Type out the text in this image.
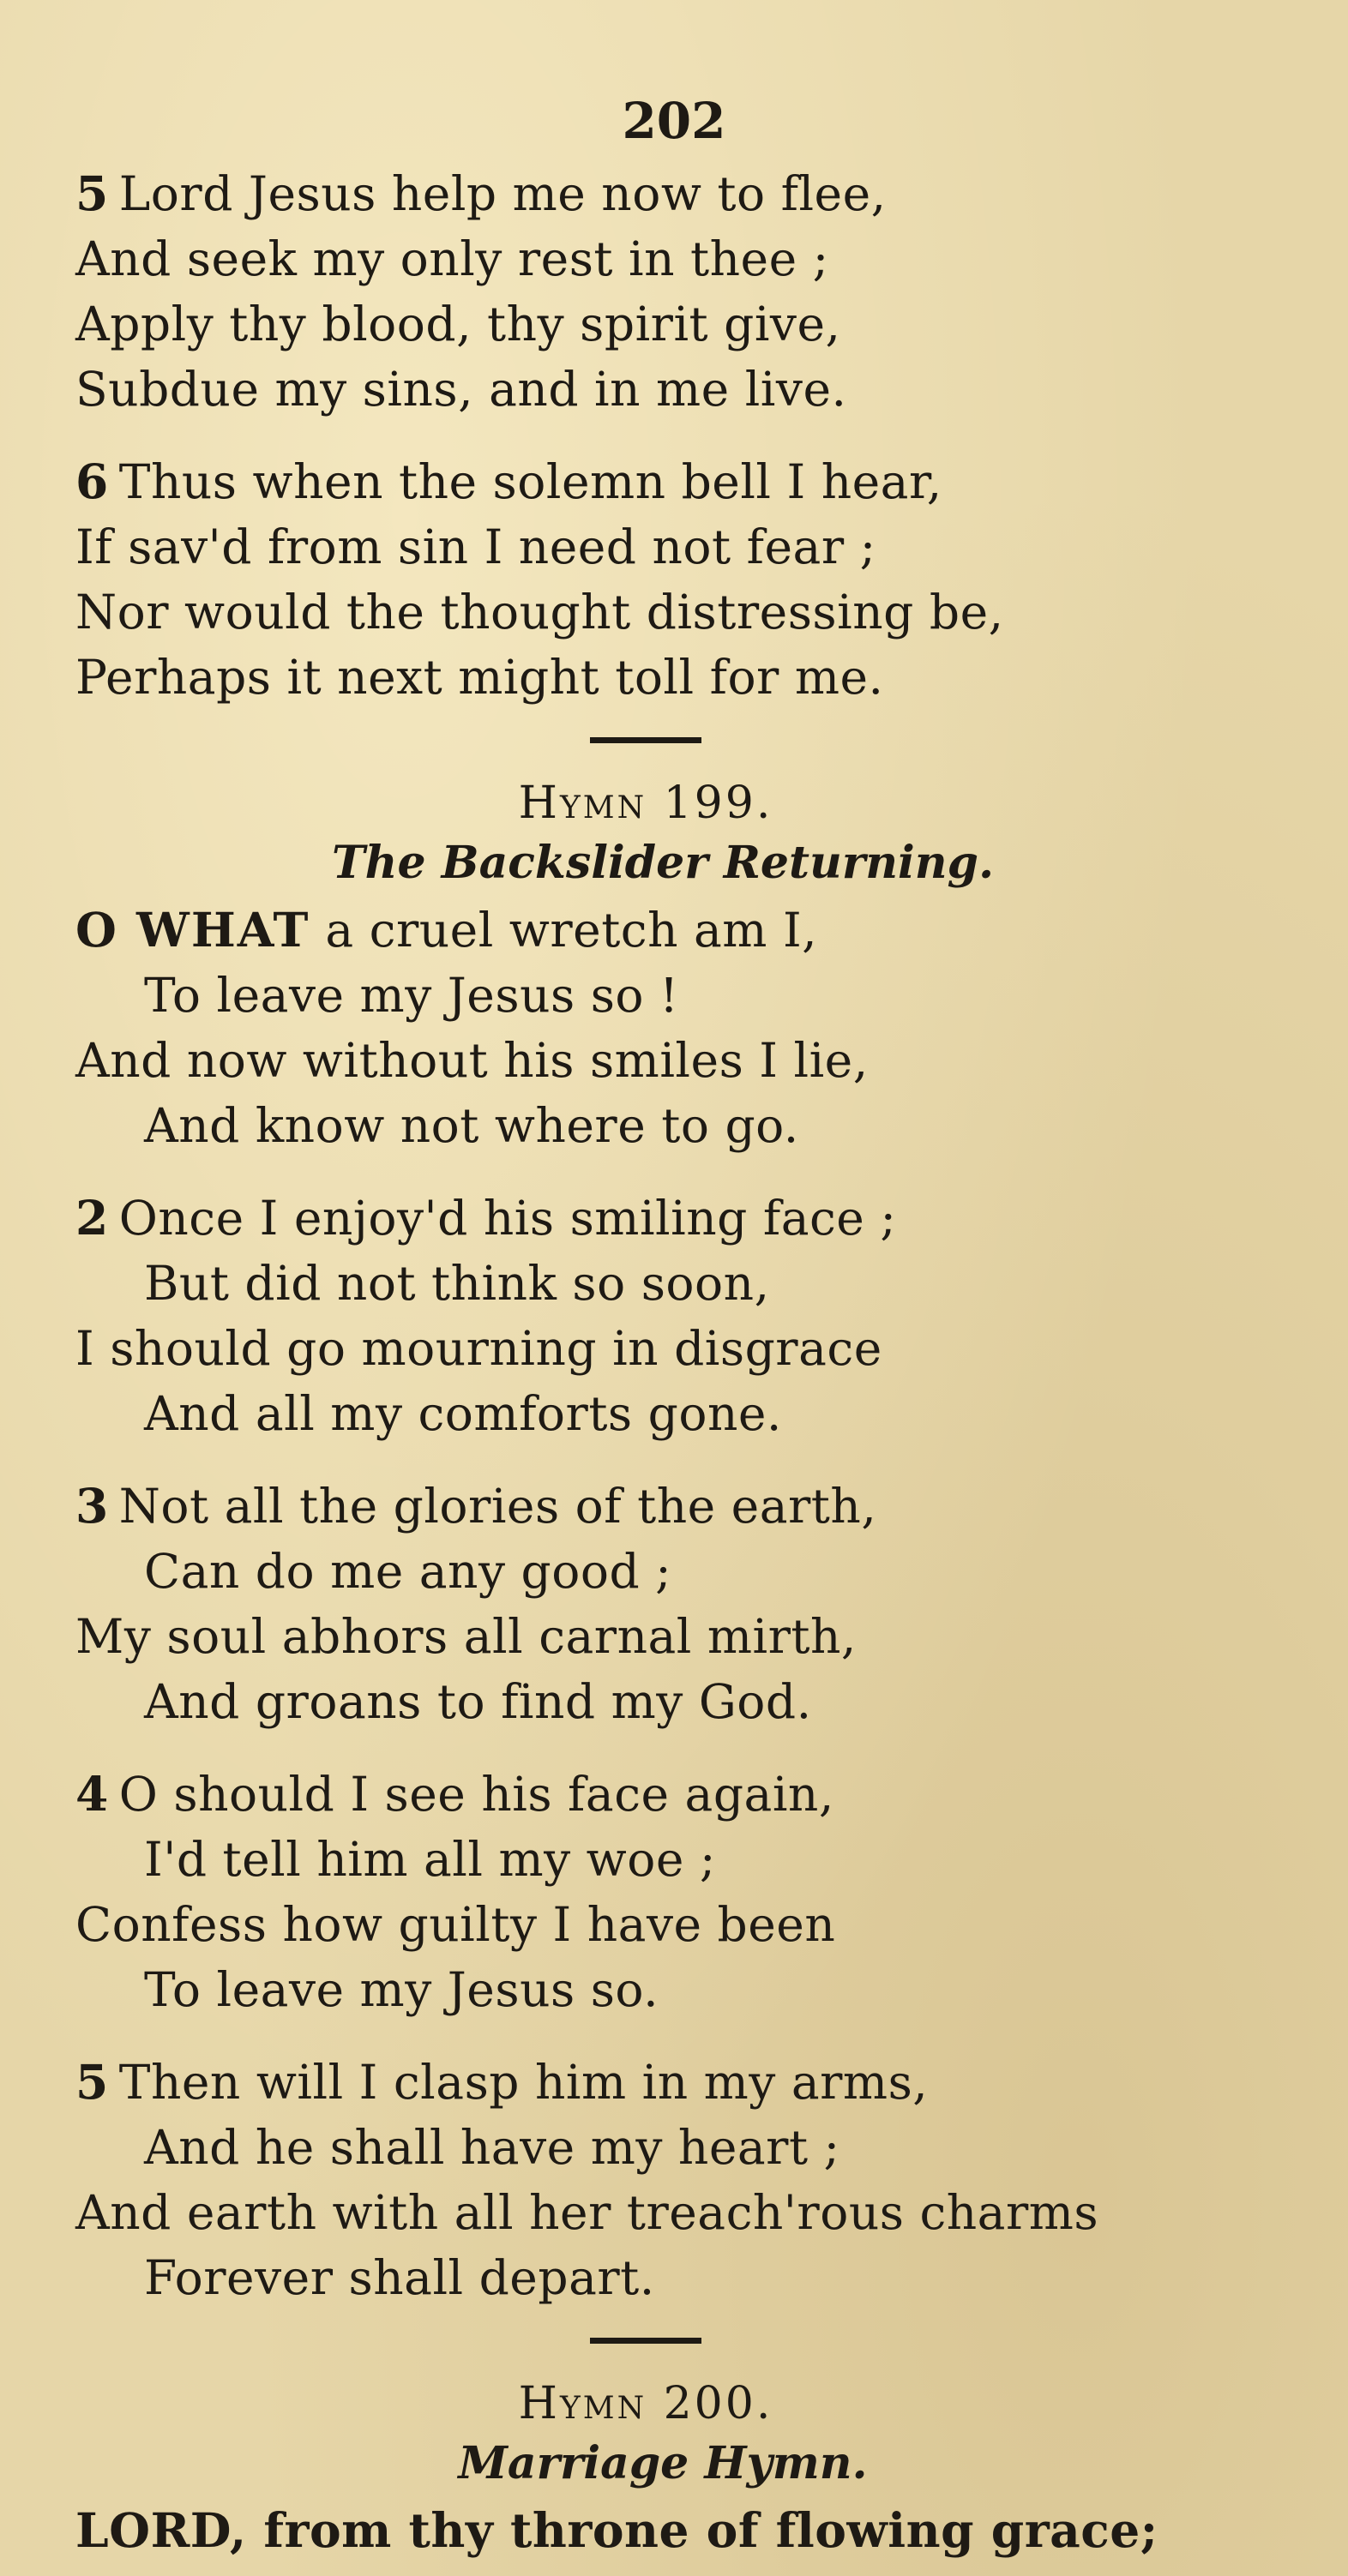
202
5 Lord Jesus help me now to flee,
And seek my only rest in thee ;
Apply thy blood, thy spirit give,
Subdue my sins, and in me live.
6 Thus when the solemn bell I hear,
If sav'd from sin I need not fear ;
Nor would the thought distressing be,
Perhaps it next might toll for me.
Hymn 199.
The Backslider Returning.
O WHAT a cruel wretch am I,
To leave my Jesus so !
And now without his smiles I lie,
And know not where to go.
2 Once I enjoy'd his smiling face ;
But did not think so soon,
I should go mourning in disgrace
And all my comforts gone.
3 Not all the glories of the earth,
Can do me any good ;
My soul abhors all carnal mirth,
And groans to find my God.
4 O should I see his face again,
I'd tell him all my woe ;
Confess how guilty I have been
To leave my Jesus so.
5 Then will I clasp him in my arms,
And he shall have my heart ;
And earth with all her treach'rous charms
Forever shall depart.
Hymn 200.
Marriage Hymn.
LORD, from thy throne of flowing grace;
